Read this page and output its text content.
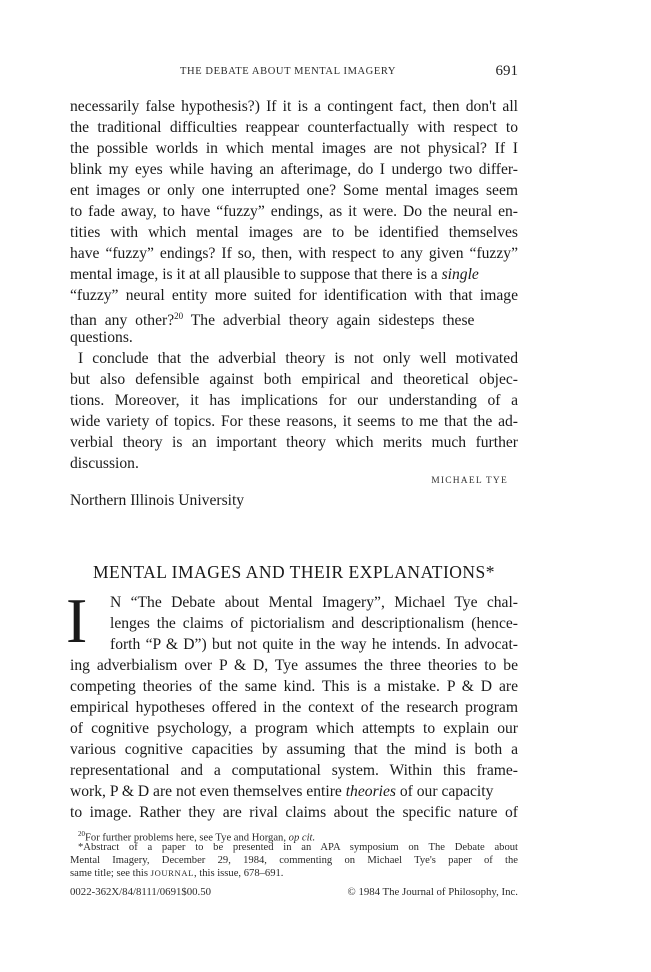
THE DEBATE ABOUT MENTAL IMAGERY	691
necessarily false hypothesis?) If it is a contingent fact, then don't all
the traditional difficulties reappear counterfactually with respect to
the possible worlds in which mental images are not physical? If I
blink my eyes while having an afterimage, do I undergo two differ-
ent images or only one interrupted one? Some mental images seem
to fade away, to have “fuzzy” endings, as it were. Do the neural en-
tities with which mental images are to be identified themselves
have “fuzzy” endings? If so, then, with respect to any given “fuzzy”
mental image, is it at all plausible to suppose that there is a single
“fuzzy” neural entity more suited for identification with that image
than any other?$^{20}$ The adverbial theory again sidesteps these
questions.
I conclude that the adverbial theory is not only well motivated
but also defensible against both empirical and theoretical objec-
tions. Moreover, it has implications for our understanding of a
wide variety of topics. For these reasons, it seems to me that the ad-
verbial theory is an important theory which merits much further
discussion.
MICHAEL TYE
Northern Illinois University
MENTAL IMAGES AND THEIR EXPLANATIONS*
I N “The Debate about Mental Imagery”, Michael Tye chal-
lenges the claims of pictorialism and descriptionalism (hence-
forth “P & D”) but not quite in the way he intends. In advocat-
ing adverbialism over P & D, Tye assumes the three theories to be
competing theories of the same kind. This is a mistake. P & D are
empirical hypotheses offered in the context of the research program
of cognitive psychology, a program which attempts to explain our
various cognitive capacities by assuming that the mind is both a
representational and a computational system. Within this frame-
work, P & D are not even themselves entire theories of our capacity
to image. Rather they are rival claims about the specific nature of
$^{20}$For further problems here, see Tye and Horgan, op cit.
*Abstract of a paper to be presented in an APA symposium on The Debate about
Mental Imagery, December 29, 1984, commenting on Michael Tye's paper of the
same title; see this JOURNAL, this issue, 678–691.
0022-362X/84/8111/0691$00.50	© 1984 The Journal of Philosophy, Inc.
